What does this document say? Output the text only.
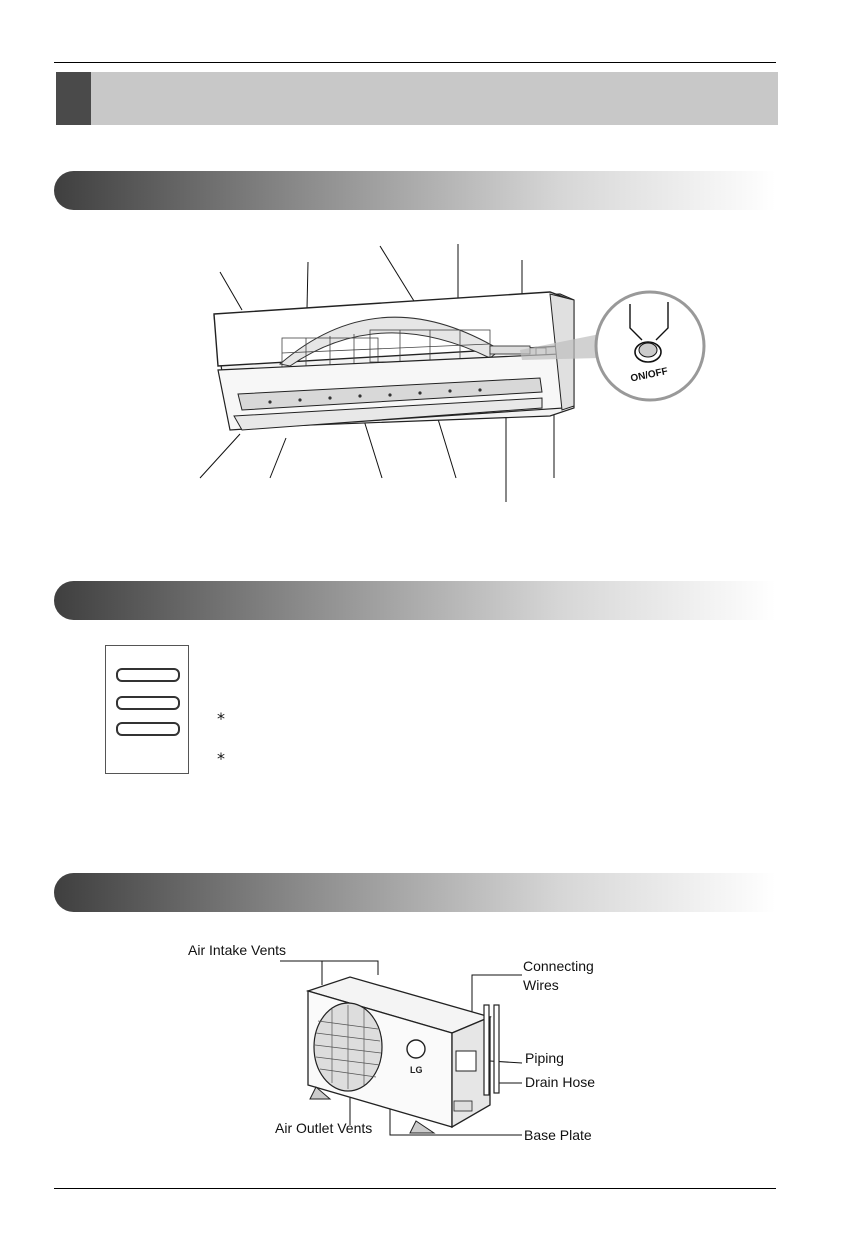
ON/OFF
*
*
LG
Air Intake Vents
Connecting
Wires
Piping
Drain Hose
Air Outlet Vents	Base Plate
